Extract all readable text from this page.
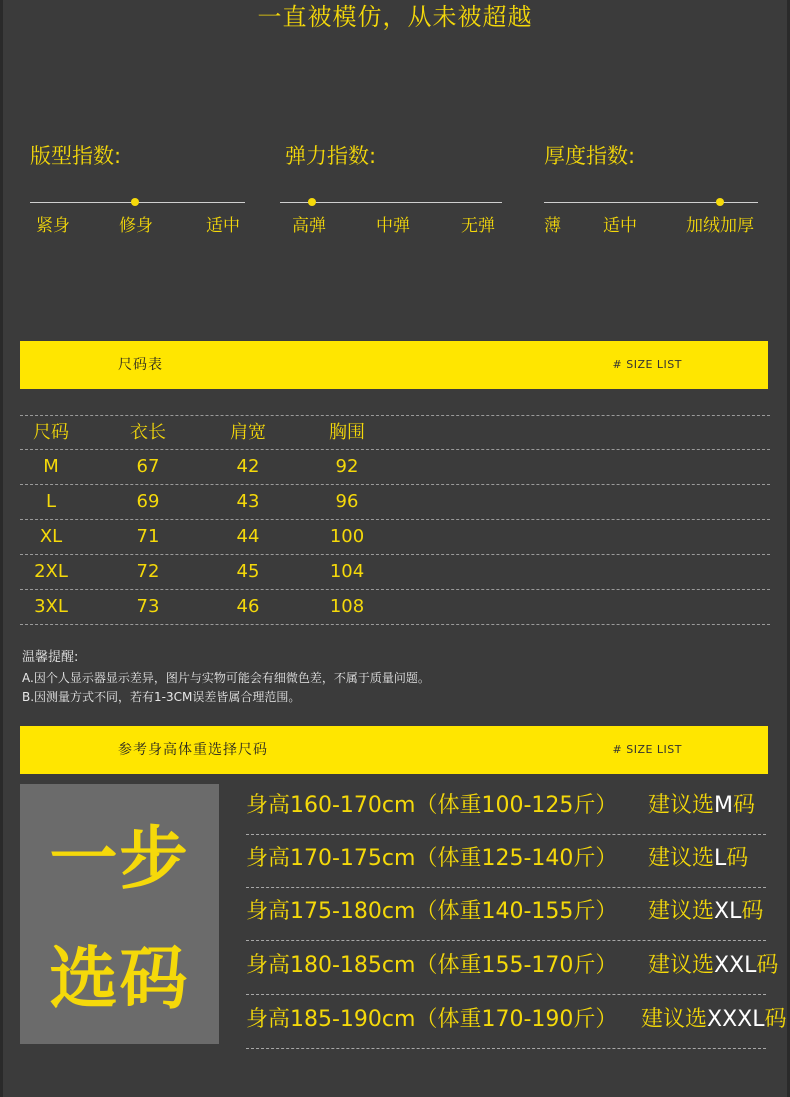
一直被模仿，从未被超越
版型指数:
紧身	修身	适中
弹力指数:
高弹	中弹	无弹
厚度指数:
薄 适中	加绒加厚
尺码表	# SIZE LIST
尺码	衣长	肩宽	胸围
M	67	42	92
L	69	43	96
XL	71	44	100
2XL	72	45	104
3XL	73	46	108
温馨提醒:
A.因个人显示器显示差异，图片与实物可能会有细微色差，不属于质量问题。
B.因测量方式不同，若有1-3CM误差皆属合理范围。
参考身高体重选择尺码	# SIZE LIST
一步
选码
身高160-170cm（体重100-125斤） 建议选M码
身高170-175cm（体重125-140斤） 建议选L码
身高175-180cm（体重140-155斤） 建议选XL码
身高180-185cm（体重155-170斤） 建议选XXL码
身高185-190cm（体重170-190斤） 建议选XXXL码
